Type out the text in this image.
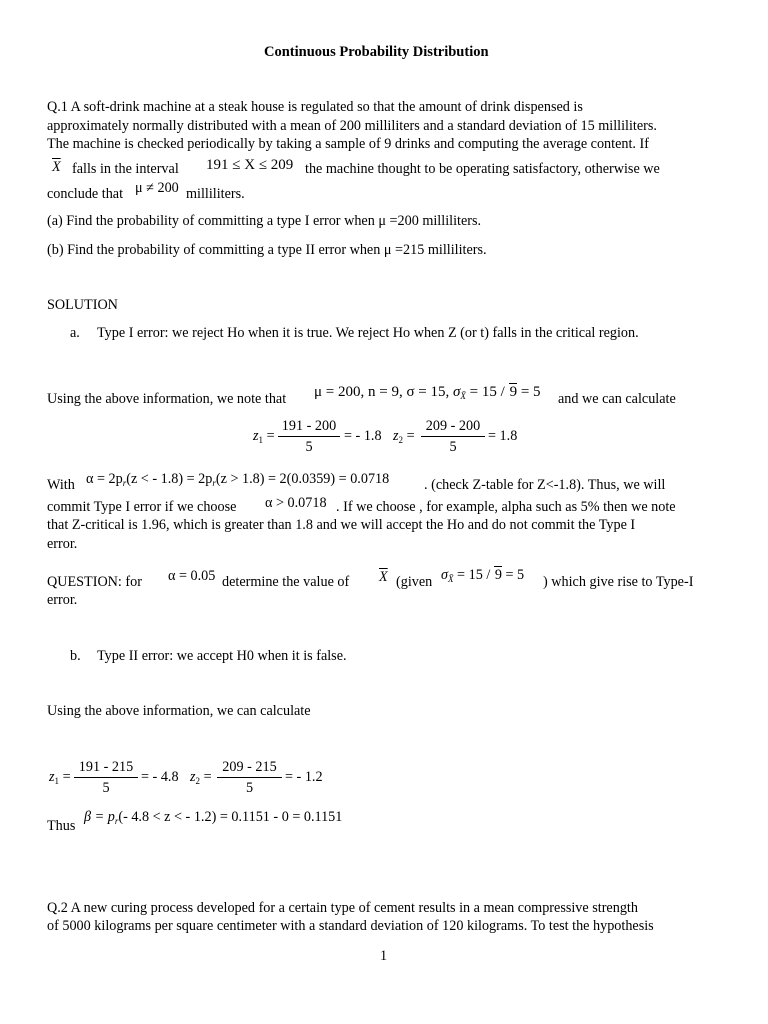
Continuous Probability Distribution
Q.1 A soft-drink machine at a steak house is regulated so that the amount of drink dispensed is
approximately normally distributed with a mean of 200 milliliters and a standard deviation of 15 milliliters.
The machine is checked periodically by taking a sample of 9 drinks and computing the average content. If
$\overline{X}$ falls in the interval 191 ≤ X ≤ 209 the machine thought to be operating satisfactory, otherwise we
conclude that μ ≠ 200 milliliters.
(a) Find the probability of committing a type I error when μ =200 milliliters.
(b) Find the probability of committing a type II error when μ =215 milliliters.
SOLUTION
a. Type I error: we reject Ho when it is true. We reject Ho when Z (or t) falls in the critical region.
Using the above information, we note that μ = 200, n = 9, σ = 15, $\sigma_{X̄} = 15 / 9 = 5$ and we can calculate
$z_1$ =
191 - 200
5
= - 1.8 $z_2$ =
209 - 200
5
= 1.8
With $\alpha = 2p_r(z$ < - $1.8) = 2p_r(z > 1.8) = 2(0.0359) = 0.0718$ . (check Z-table for Z<-1.8). Thus, we will
commit Type I error if we choose α > 0.0718 . If we choose , for example, alpha such as 5% then we note
that Z-critical is 1.96, which is greater than 1.8 and we will accept the Ho and do not commit the Type I
error.
QUESTION: for α = 0.05 determine the value of $\overline{X}$ (given $\sigma_{X̄} = 15 / 9 = 5$ ) which give rise to Type-I
error.
b. Type II error: we accept H0 when it is false.
Using the above information, we can calculate
$z_1$ =
191 - 215
5
= - 4.8 $z_2$ =
209 - 215
5
= - 1.2
Thus
$\beta = p_r(-$ 4.8 < z < - 1.2) = 0.1151 - 0 = 0.1151
Q.2 A new curing process developed for a certain type of cement results in a mean compressive strength
of 5000 kilograms per square centimeter with a standard deviation of 120 kilograms. To test the hypothesis
1
